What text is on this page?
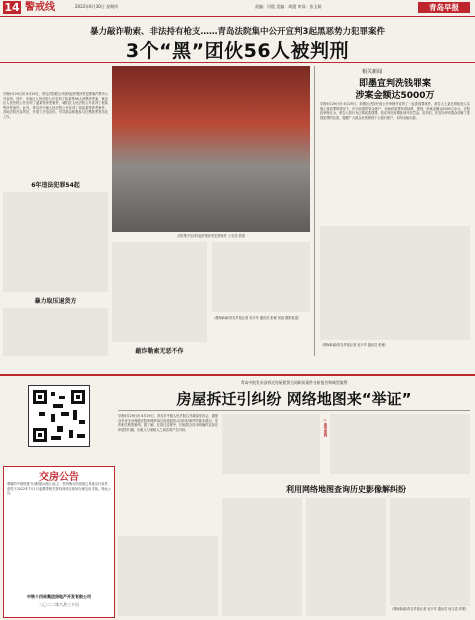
14 警戒线	2022年6月30日 星期四	责编：闫俊 美编：周震 审读：张玉娟	青岛早报
暴力敲诈勒索、非法持有枪支……青岛法院集中公开宣判3起黑恶势力犯罪案件
3个“黑”团伙56人被判刑
早报6月29日讯 6月29日，青岛法院联合开展3起涉黑涉恶犯罪案件集中公开宣判。其中，市南区人民法院公开宣判了张某等56人涉黑涉恶案，黄岛区人民法院公开宣判了逯某等涉恶案件，城阳区人民法院公开宣判了程某等涉恶案件。此外，青岛市中级人民法院公开宣判了周某某等涉恶案件。各地法院在宣判后，开展了法治宣传，引导群众积极参与扫黑除恶常态化工作。
6年违法犯罪54起
暴力取压退货方
法院集中宣判3起涉黑涉恶犯罪案件 公安局 供图
（观海新闻/青岛早报记者 吴丰华 通讯员 张俊 刘清 摄影报道）
敲诈勒索无恶不作
相关新闻
即墨宣判洗钱罪案
涉案金额达5000万
早报6月29日讯 6月29日，即墨区法院开庭公开审理并宣判了一起洗钱罪案件。被告人王某在明知他人实施上游犯罪的情况下，仍为其提供资金账户，协助将犯罪所得转移、提现，涉案金额达5000万余元。法院经审理认为，被告人的行为已构成洗钱罪，依法判处有期徒刑并处罚金。宣判后，法官向旁听群众讲解了洗钱犯罪的危害，提醒广大群众妥善保管个人银行账户，切勿出租出借。
（观海新闻/青岛早报记者 吴丰华 通讯员 张俊）
交房公告
尊敬的中国铁建·东城国际(西区)业主：您所购买的房屋已具备交付条件，请您于2022年7月1日起携带相关资料到项目现场办理交房手续。特此公告。
中铁十四局集团房地产开发有限公司
二〇二二年六月三十日
青岛中院发布涉拆迁房屋租赁合同纠纷案件分析报告和典型案例
房屋拆迁引纠纷 网络地图来“举证”
早报6月29日讯 6月29日，青岛市中级人民法院召开新闻发布会，通报近年来全市两级法院审理涉拆迁房屋租赁合同纠纷案件的基本情况，发布相关典型案例。据了解，在拆迁过程中，因租赁合同未明确约定拆迁补偿的归属，出租人与承租人之间容易产生纠纷。	◎ 典型案例
利用网络地图查询历史影像解纠纷
（观海新闻/青岛早报记者 吴丰华 通讯员 何文清 印歌）
